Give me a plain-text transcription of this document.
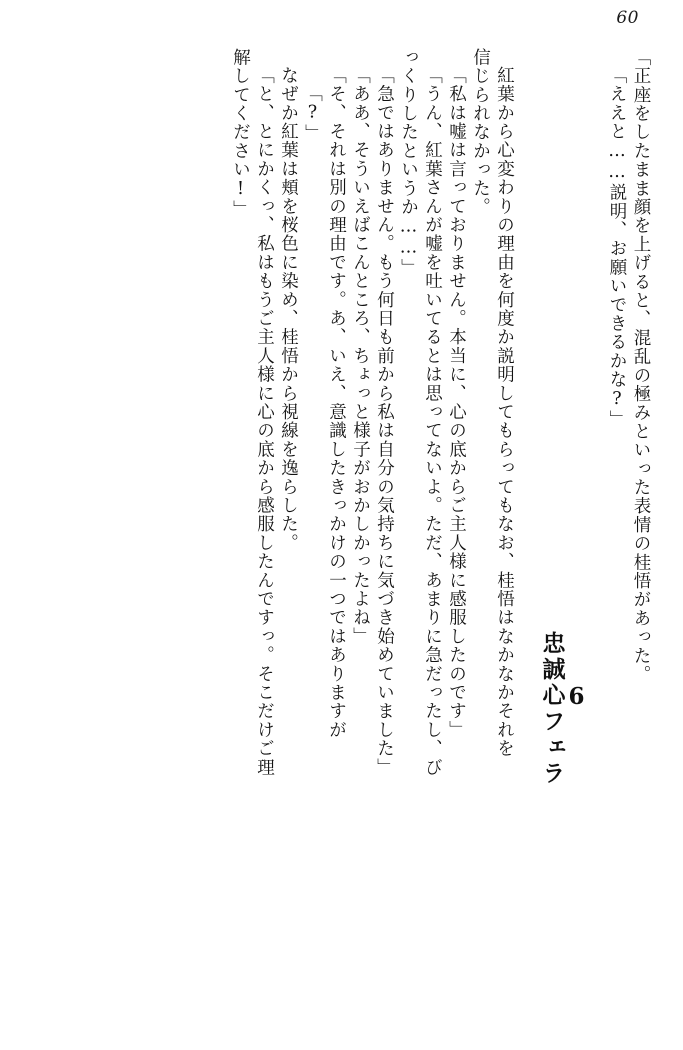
60
「正座をしたまま顔を上げると、混乱の極みといった表情の桂悟があった。
「ええと……説明、お願いできるかな?」
6
忠誠心フェラ
紅葉から心変わりの理由を何度か説明してもらってもなお、桂悟はなかなかそれを
信じられなかった。
「私は嘘は言っておりません。本当に、心の底からご主人様に感服したのです」
「うん、紅葉さんが嘘を吐いてるとは思ってないよ。ただ、あまりに急だったし、び
っくりしたというか……」
「急ではありません。もう何日も前から私は自分の気持ちに気づき始めていました」
「ああ、そういえばこんところ、ちょっと様子がおかしかったよね」
「そ、それは別の理由です。あ、いえ、意識したきっかけの一つではありますが
「?」
なぜか紅葉は頬を桜色に染め、桂悟から視線を逸らした。
「と、とにかくっ、私はもうご主人様に心の底から感服したんですっ。そこだけご理
解してください!」
